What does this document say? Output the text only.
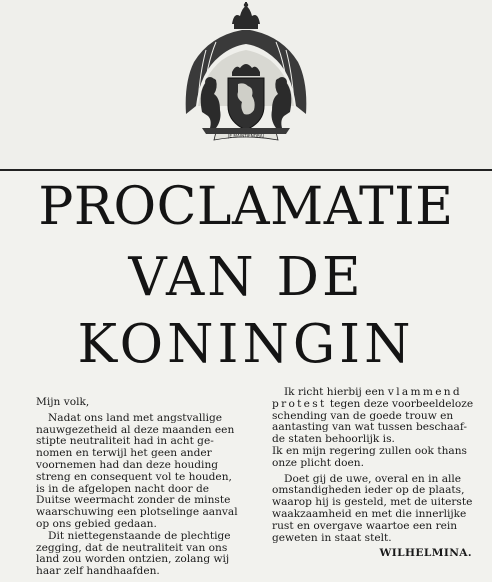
JE MAINTIENDRAI
PROCLAMATIE
VAN DE
KONINGIN
Mijn volk,

Nadat ons land met angstvallige
nauwgezetheid al deze maanden een
stipte neutraliteit had in acht ge-
nomen en terwijl het geen ander
voornemen had dan deze houding
streng en consequent vol te houden,
is in de afgelopen nacht door de
Duitse weermacht zonder de minste
waarschuwing een plotselinge aanval
op ons gebied gedaan.

Dit niettegenstaande de plechtige
zegging, dat de neutraliteit van ons
land zou worden ontzien, zolang wij
haar zelf handhaafden.

Ik richt hierbij een vlammend
protest tegen deze voorbeeldeloze
schending van de goede trouw en
aantasting van wat tussen beschaaf-
de staten behoorlijk is.

Ik en mijn regering zullen ook thans
onze plicht doen.

Doet gij de uwe, overal en in alle
omstandigheden ieder op de plaats,
waarop hij is gesteld, met de uiterste
waakzaamheid en met die innerlijke
rust en overgave waartoe een rein
geweten in staat stelt.

WILHELMINA.
